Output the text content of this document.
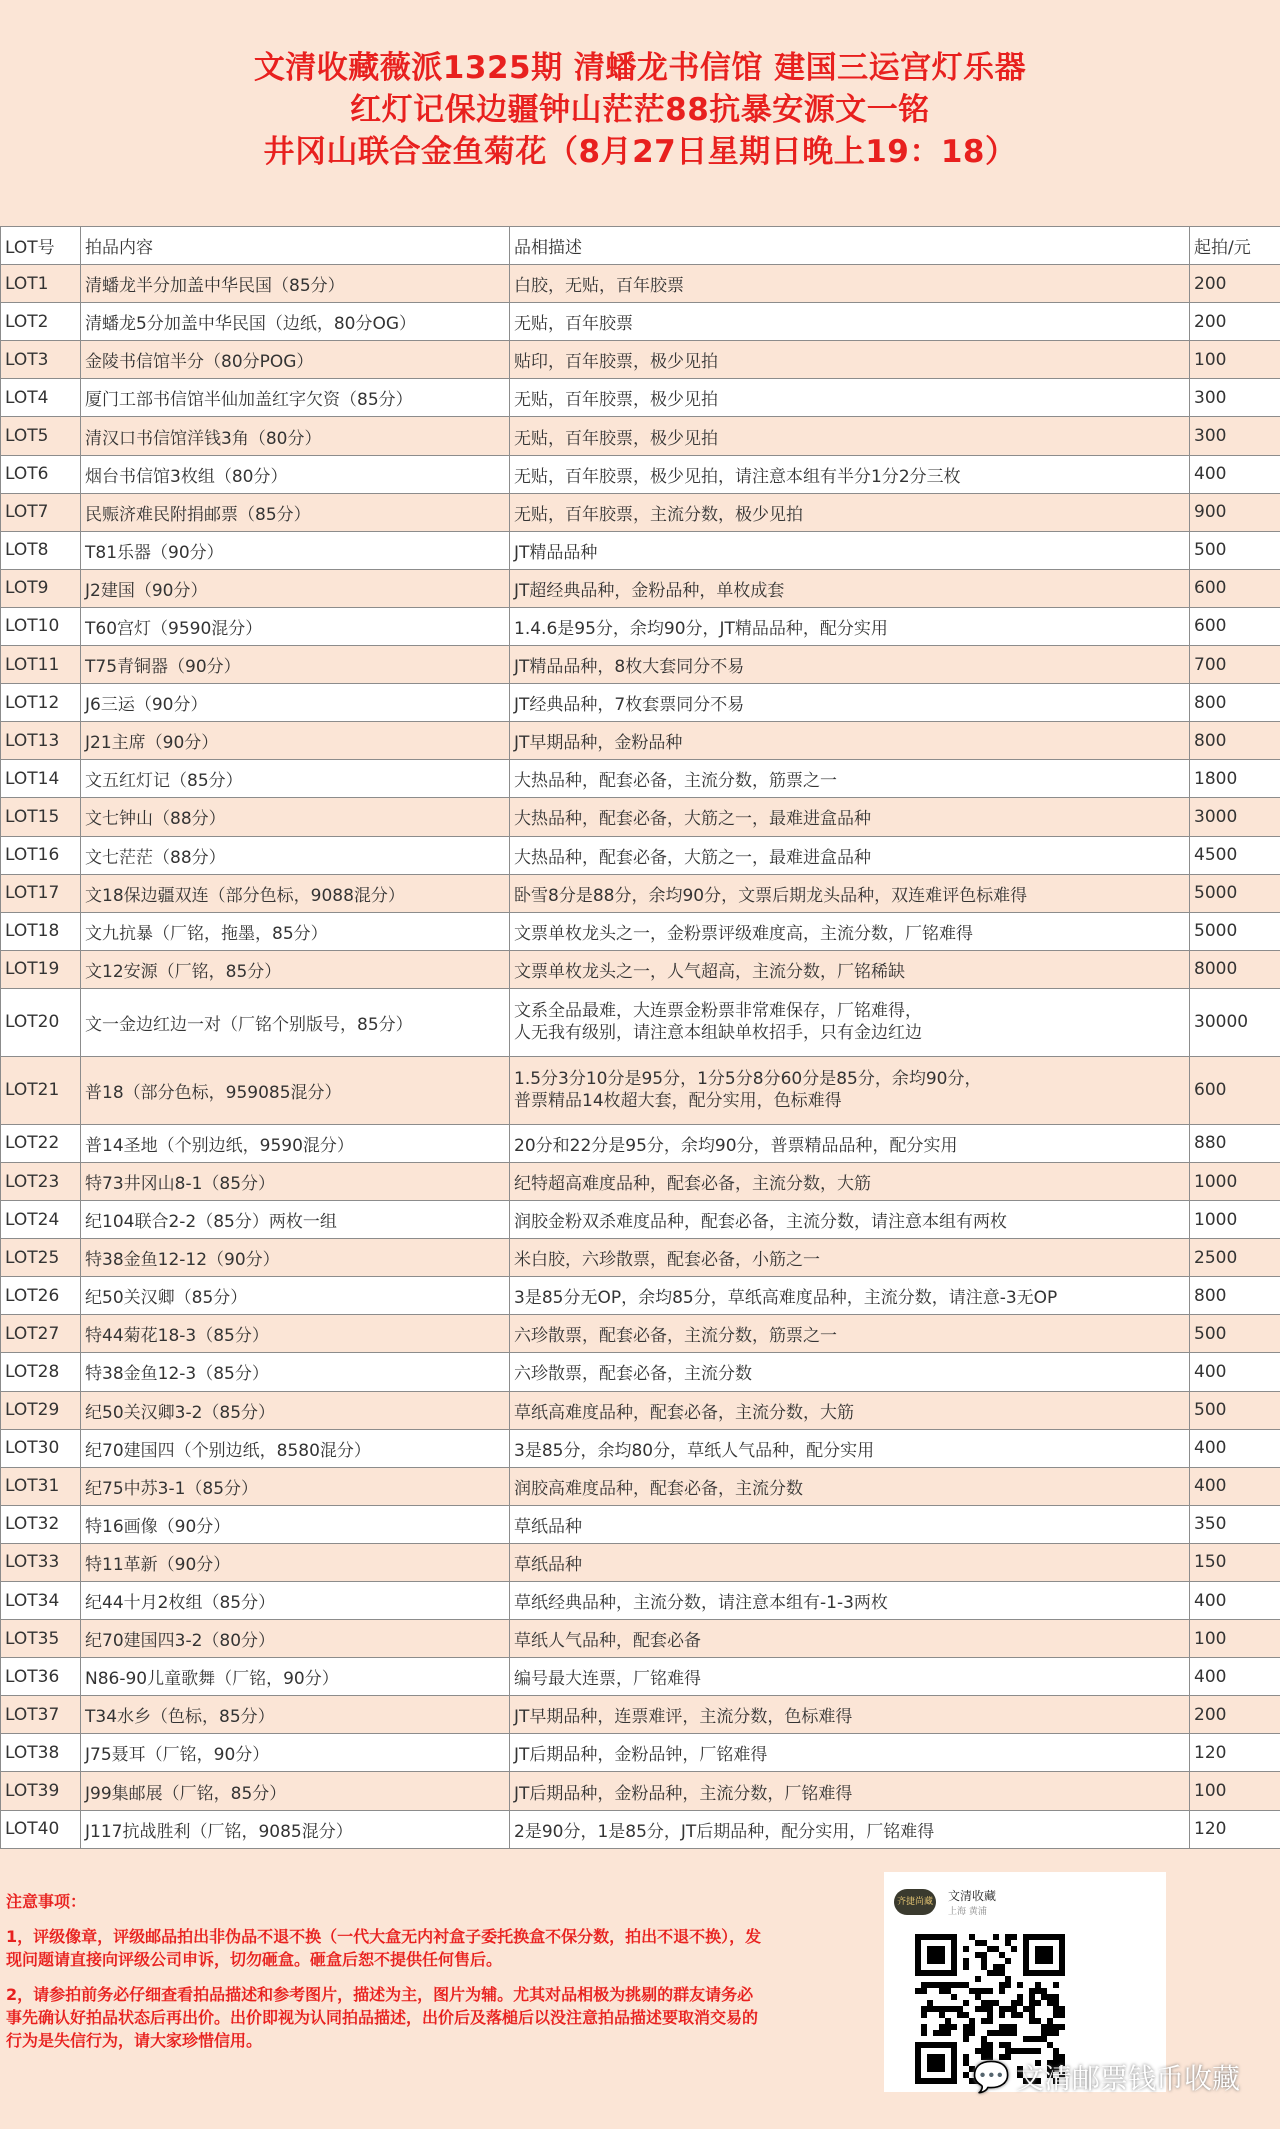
文清收藏薇派1325期 清蟠龙书信馆 建国三运宫灯乐器
红灯记保边疆钟山茫茫88抗暴安源文一铭
井冈山联合金鱼菊花（8月27日星期日晚上19：18）
LOT号	拍品内容	品相描述	起拍/元
LOT1	清蟠龙半分加盖中华民国（85分）	白胶，无贴，百年胶票	200
LOT2	清蟠龙5分加盖中华民国（边纸，80分OG）	无贴，百年胶票	200
LOT3	金陵书信馆半分（80分POG）	贴印，百年胶票，极少见拍	100
LOT4	厦门工部书信馆半仙加盖红字欠资（85分）	无贴，百年胶票，极少见拍	300
LOT5	清汉口书信馆洋钱3角（80分）	无贴，百年胶票，极少见拍	300
LOT6	烟台书信馆3枚组（80分）	无贴，百年胶票，极少见拍，请注意本组有半分1分2分三枚	400
LOT7	民赈济难民附捐邮票（85分）	无贴，百年胶票，主流分数，极少见拍	900
LOT8	T81乐器（90分）	JT精品品种	500
LOT9	J2建国（90分）	JT超经典品种，金粉品种，单枚成套	600
LOT10	T60宫灯（9590混分）	1.4.6是95分，余均90分，JT精品品种，配分实用	600
LOT11	T75青铜器（90分）	JT精品品种，8枚大套同分不易	700
LOT12	J6三运（90分）	JT经典品种，7枚套票同分不易	800
LOT13	J21主席（90分）	JT早期品种，金粉品种	800
LOT14	文五红灯记（85分）	大热品种，配套必备，主流分数，筋票之一	1800
LOT15	文七钟山（88分）	大热品种，配套必备，大筋之一，最难进盒品种	3000
LOT16	文七茫茫（88分）	大热品种，配套必备，大筋之一，最难进盒品种	4500
LOT17	文18保边疆双连（部分色标，9088混分）	卧雪8分是88分，余均90分，文票后期龙头品种，双连难评色标难得	5000
LOT18	文九抗暴（厂铭，拖墨，85分）	文票单枚龙头之一，金粉票评级难度高，主流分数，厂铭难得	5000
LOT19	文12安源（厂铭，85分）	文票单枚龙头之一，人气超高，主流分数，厂铭稀缺	8000
LOT20	文一金边红边一对（厂铭个别版号，85分）	文系全品最难，大连票金粉票非常难保存，厂铭难得，
人无我有级别，请注意本组缺单枚招手，只有金边红边	30000
LOT21	普18（部分色标，959085混分）	1.5分3分10分是95分，1分5分8分60分是85分，余均90分，
普票精品14枚超大套，配分实用，色标难得	600
LOT22	普14圣地（个别边纸，9590混分）	20分和22分是95分，余均90分，普票精品品种，配分实用	880
LOT23	特73井冈山8-1（85分）	纪特超高难度品种，配套必备，主流分数，大筋	1000
LOT24	纪104联合2-2（85分）两枚一组	润胶金粉双杀难度品种，配套必备，主流分数，请注意本组有两枚	1000
LOT25	特38金鱼12-12（90分）	米白胶，六珍散票，配套必备，小筋之一	2500
LOT26	纪50关汉卿（85分）	3是85分无OP，余均85分，草纸高难度品种，主流分数，请注意-3无OP	800
LOT27	特44菊花18-3（85分）	六珍散票，配套必备，主流分数，筋票之一	500
LOT28	特38金鱼12-3（85分）	六珍散票，配套必备，主流分数	400
LOT29	纪50关汉卿3-2（85分）	草纸高难度品种，配套必备，主流分数，大筋	500
LOT30	纪70建国四（个别边纸，8580混分）	3是85分，余均80分，草纸人气品种，配分实用	400
LOT31	纪75中苏3-1（85分）	润胶高难度品种，配套必备，主流分数	400
LOT32	特16画像（90分）	草纸品种	350
LOT33	特11革新（90分）	草纸品种	150
LOT34	纪44十月2枚组（85分）	草纸经典品种，主流分数，请注意本组有-1-3两枚	400
LOT35	纪70建国四3-2（80分）	草纸人气品种，配套必备	100
LOT36	N86-90儿童歌舞（厂铭，90分）	编号最大连票，厂铭难得	400
LOT37	T34水乡（色标，85分）	JT早期品种，连票难评，主流分数，色标难得	200
LOT38	J75聂耳（厂铭，90分）	JT后期品种，金粉品钟，厂铭难得	120
LOT39	J99集邮展（厂铭，85分）	JT后期品种，金粉品种，主流分数，厂铭难得	100
LOT40	J117抗战胜利（厂铭，9085混分）	2是90分，1是85分，JT后期品种，配分实用，厂铭难得	120

注意事项：

1，评级像章，评级邮品拍出非伪品不退不换（一代大盒无内衬盒子委托换盒不保分数，拍出不退不换），发现问题请直接向评级公司申诉，切勿砸盒。砸盒后恕不提供任何售后。

2，请参拍前务必仔细查看拍品描述和参考图片，描述为主，图片为辅。尤其对品相极为挑剔的群友请务必事先确认好拍品状态后再出价。出价即视为认同拍品描述，出价后及落槌后以没注意拍品描述要取消交易的行为是失信行为，请大家珍惜信用。

齐捷尚藏 文清收藏
上海 黄浦
💬 文清邮票钱币收藏
